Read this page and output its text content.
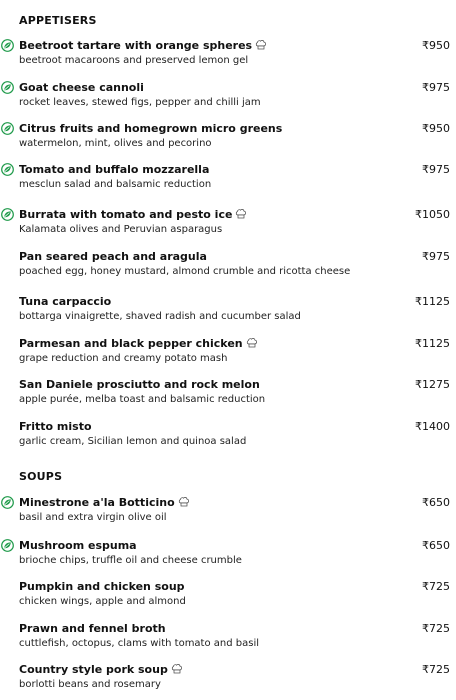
APPETISERS
Beetroot tartare with orange spheres
beetroot macaroons and preserved lemon gel
₹950
Goat cheese cannoli
rocket leaves, stewed figs, pepper and chilli jam
₹975
Citrus fruits and homegrown micro greens
watermelon, mint, olives and pecorino
₹950
Tomato and buffalo mozzarella
mesclun salad and balsamic reduction
₹975
Burrata with tomato and pesto ice
Kalamata olives and Peruvian asparagus
₹1050
Pan seared peach and aragula
poached egg, honey mustard, almond crumble and ricotta cheese
₹975
Tuna carpaccio
bottarga vinaigrette, shaved radish and cucumber salad
₹1125
Parmesan and black pepper chicken
grape reduction and creamy potato mash
₹1125
San Daniele prosciutto and rock melon
apple purée, melba toast and balsamic reduction
₹1275
Fritto misto
garlic cream, Sicilian lemon and quinoa salad
₹1400
SOUPS
Minestrone a'la Botticino
basil and extra virgin olive oil
₹650
Mushroom espuma
brioche chips, truffle oil and cheese crumble
₹650
Pumpkin and chicken soup
chicken wings, apple and almond
₹725
Prawn and fennel broth
cuttlefish, octopus, clams with tomato and basil
₹725
Country style pork soup
borlotti beans and rosemary
₹725
